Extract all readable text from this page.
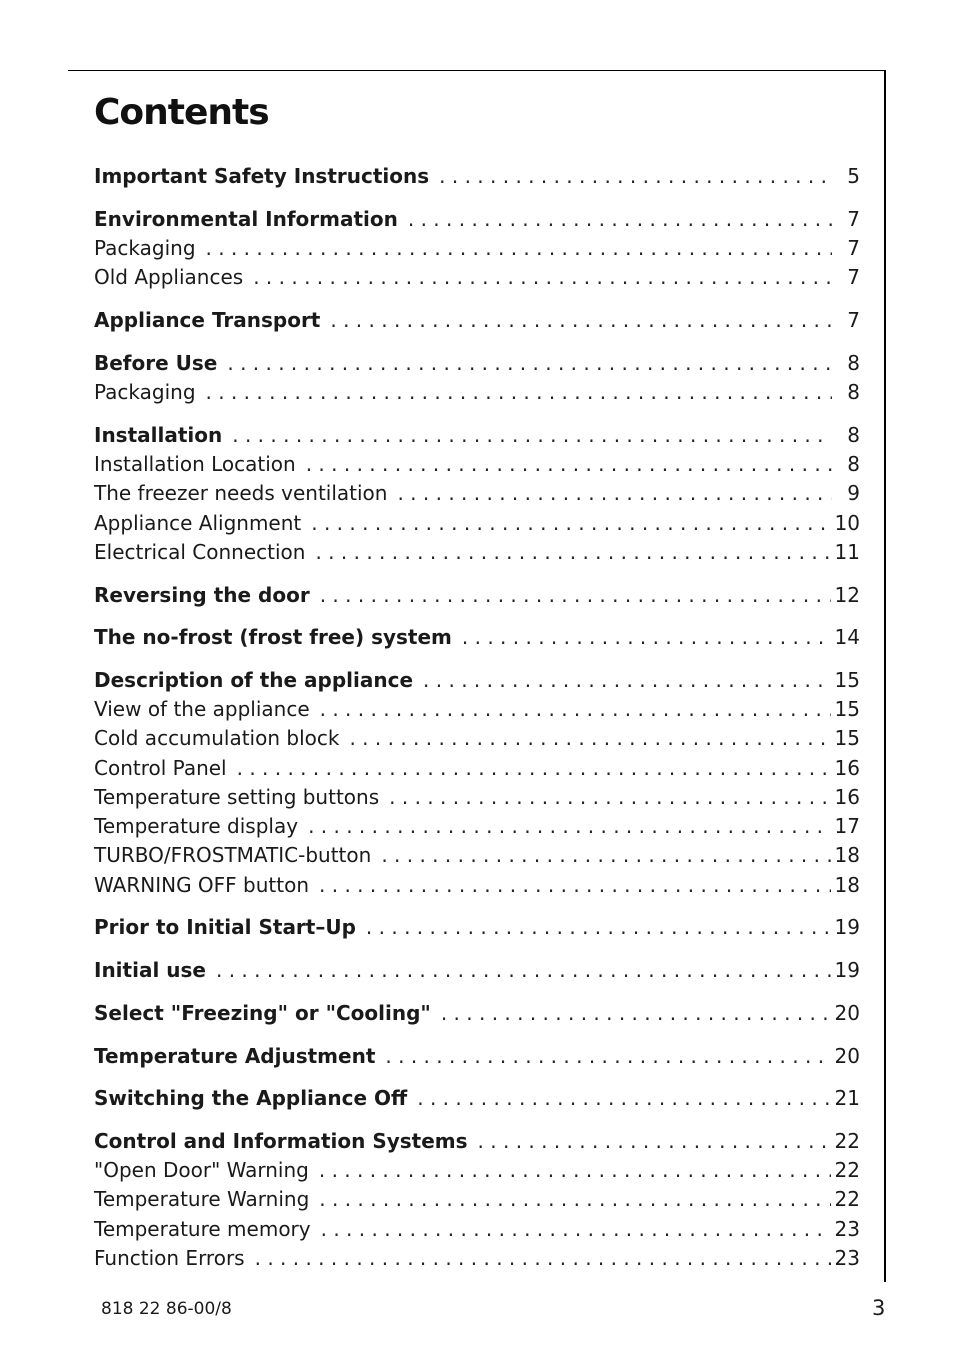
Contents
Important Safety Instructions . . .	5
Environmental Information . . .	7
Packaging . . .	7
Old Appliances . . .	7
Appliance Transport . . .	7
Before Use . . .	8
Packaging . . .	8
Installation . . .	8
Installation Location . . .	8
The freezer needs ventilation . . .	9
Appliance Alignment . . .	10
Electrical Connection . . .	11
Reversing the door . . .	12
The no-frost (frost free) system . . .	14
Description of the appliance . . .	15
View of the appliance . . .	15
Cold accumulation block . . .	15
Control Panel . . .	16
Temperature setting buttons . . .	16
Temperature display . . .	17
TURBO/FROSTMATIC-button . . .	18
WARNING OFF button . . .	18
Prior to Initial Start–Up . . .	19
Initial use . . .	19
Select "Freezing" or "Cooling" . . .	20
Temperature Adjustment . . .	20
Switching the Appliance Off . . .	21
Control and Information Systems . . .	22
"Open Door" Warning . . .	22
Temperature Warning . . .	22
Temperature memory . . .	23
Function Errors . . .	23
818 22 86-00/8	3
